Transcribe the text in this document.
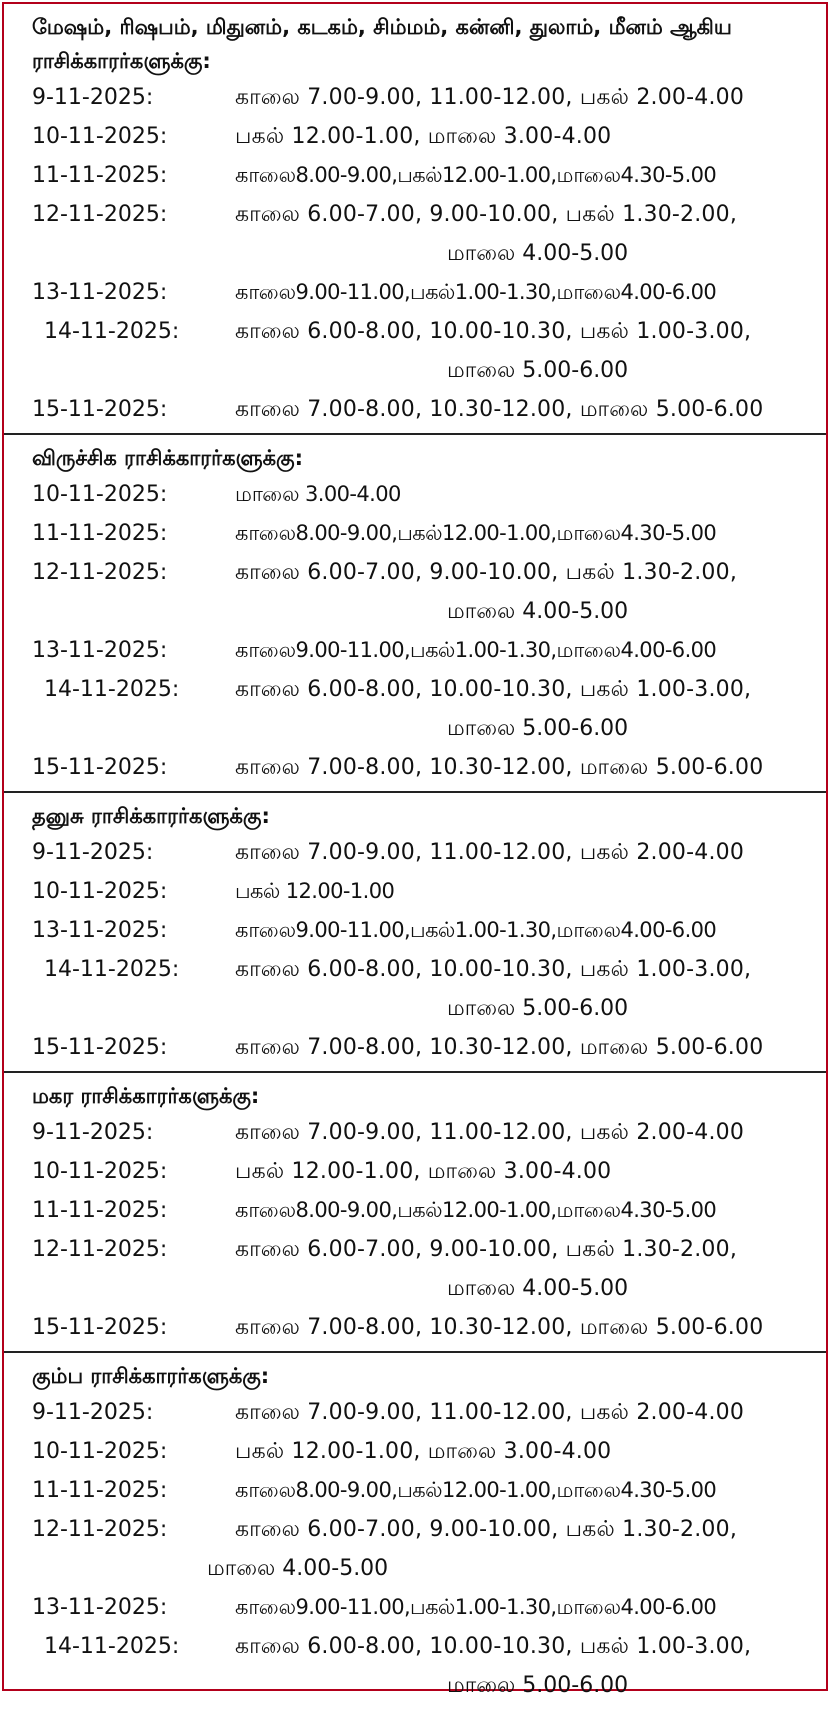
மேஷம், ரிஷபம், மிதுனம், கடகம், சிம்மம், கன்னி, துலாம், மீனம் ஆகிய ராசிக்காரர்களுக்கு:
9-11-2025:	காலை 7.00-9.00, 11.00-12.00, பகல் 2.00-4.00
10-11-2025:	பகல் 12.00-1.00, மாலை 3.00-4.00
11-11-2025:	காலை8.00-9.00,பகல்12.00-1.00,மாலை4.30-5.00
12-11-2025:	காலை 6.00-7.00, 9.00-10.00, பகல் 1.30-2.00,
மாலை 4.00-5.00
13-11-2025:	காலை9.00-11.00,பகல்1.00-1.30,மாலை4.00-6.00
14-11-2025:	காலை 6.00-8.00, 10.00-10.30, பகல் 1.00-3.00,
மாலை 5.00-6.00
15-11-2025:	காலை 7.00-8.00, 10.30-12.00, மாலை 5.00-6.00
விருச்சிக ராசிக்காரர்களுக்கு:
10-11-2025:	மாலை 3.00-4.00
11-11-2025:	காலை8.00-9.00,பகல்12.00-1.00,மாலை4.30-5.00
12-11-2025:	காலை 6.00-7.00, 9.00-10.00, பகல் 1.30-2.00,
மாலை 4.00-5.00
13-11-2025:	காலை9.00-11.00,பகல்1.00-1.30,மாலை4.00-6.00
14-11-2025:	காலை 6.00-8.00, 10.00-10.30, பகல் 1.00-3.00,
மாலை 5.00-6.00
15-11-2025:	காலை 7.00-8.00, 10.30-12.00, மாலை 5.00-6.00
தனுசு ராசிக்காரர்களுக்கு:
9-11-2025:	காலை 7.00-9.00, 11.00-12.00, பகல் 2.00-4.00
10-11-2025:	பகல் 12.00-1.00
13-11-2025:	காலை9.00-11.00,பகல்1.00-1.30,மாலை4.00-6.00
14-11-2025:	காலை 6.00-8.00, 10.00-10.30, பகல் 1.00-3.00,
மாலை 5.00-6.00
15-11-2025:	காலை 7.00-8.00, 10.30-12.00, மாலை 5.00-6.00
மகர ராசிக்காரர்களுக்கு:
9-11-2025:	காலை 7.00-9.00, 11.00-12.00, பகல் 2.00-4.00
10-11-2025:	பகல் 12.00-1.00, மாலை 3.00-4.00
11-11-2025:	காலை8.00-9.00,பகல்12.00-1.00,மாலை4.30-5.00
12-11-2025:	காலை 6.00-7.00, 9.00-10.00, பகல் 1.30-2.00,
மாலை 4.00-5.00
15-11-2025:	காலை 7.00-8.00, 10.30-12.00, மாலை 5.00-6.00
கும்ப ராசிக்காரர்களுக்கு:
9-11-2025:	காலை 7.00-9.00, 11.00-12.00, பகல் 2.00-4.00
10-11-2025:	பகல் 12.00-1.00, மாலை 3.00-4.00
11-11-2025:	காலை8.00-9.00,பகல்12.00-1.00,மாலை4.30-5.00
12-11-2025:	காலை 6.00-7.00, 9.00-10.00, பகல் 1.30-2.00,
மாலை 4.00-5.00
13-11-2025:	காலை9.00-11.00,பகல்1.00-1.30,மாலை4.00-6.00
14-11-2025:	காலை 6.00-8.00, 10.00-10.30, பகல் 1.00-3.00,
மாலை 5.00-6.00
